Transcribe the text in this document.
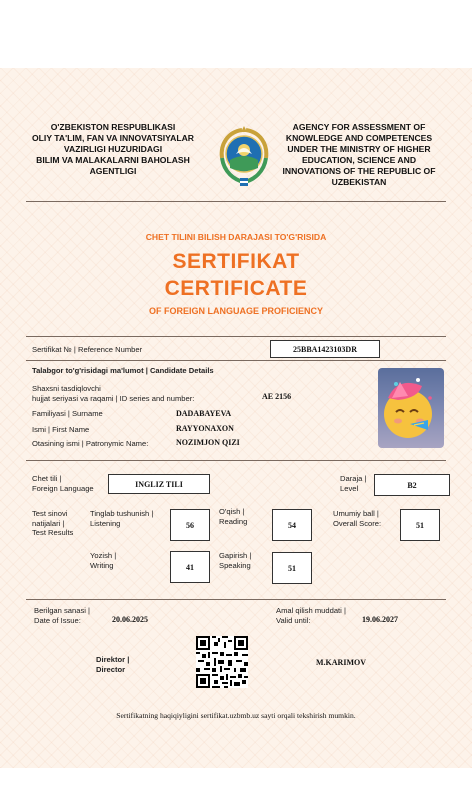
O'ZBEKISTON RESPUBLIKASI
OLIY TA'LIM, FAN VA INNOVATSIYALAR
VAZIRLIGI HUZURIDAGI
BILIM VA MALAKALARNI BAHOLASH
AGENTLIGI
AGENCY FOR ASSESSMENT OF
KNOWLEDGE AND COMPETENCES
UNDER THE MINISTRY OF HIGHER
EDUCATION, SCIENCE AND
INNOVATIONS OF THE REPUBLIC OF
UZBEKISTAN
CHET TILINI BILISH DARAJASI TO'G'RISIDA
SERTIFIKAT
CERTIFICATE
OF FOREIGN LANGUAGE PROFICIENCY
Sertifikat № | Reference Number	25BBA1423103DR
Talabgor to'g'risidagi ma'lumot | Candidate Details
Shaxsni tasdiqlovchi
hujjat seriyasi va raqami | ID series and number:	AE 2156
Familiyasi | Surname	DADABAYEVA
Ismi | First Name	RAYYONAXON
Otasining ismi | Patronymic Name:	NOZIMJON QIZI
Chet tili |
Foreign Language	INGLIZ TILI
Daraja |
Level	B2
Test sinovi
natijalari |
Test Results
Tinglab tushunish |
Listening	56
O'qish |
Reading	54
Umumiy ball |
Overall Score:	51
Yozish |
Writing	41
Gapirish |
Speaking	51
Berilgan sanasi |
Date of Issue:	20.06.2025
Amal qilish muddati |
Valid until:	19.06.2027
Direktor |
Director
M.KARIMOV
Sertifikatning haqiqiyligini sertifikat.uzbmb.uz sayti orqali tekshirish mumkin.
